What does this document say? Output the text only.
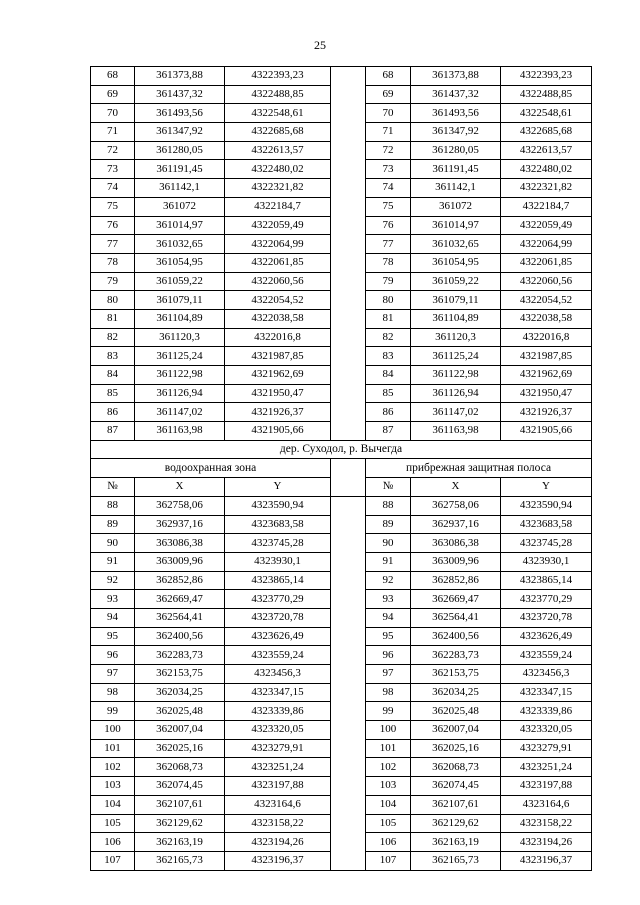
25
68	361373,88	4322393,23		68	361373,88	4322393,23
69	361437,32	4322488,85		69	361437,32	4322488,85
70	361493,56	4322548,61		70	361493,56	4322548,61
71	361347,92	4322685,68		71	361347,92	4322685,68
72	361280,05	4322613,57		72	361280,05	4322613,57
73	361191,45	4322480,02		73	361191,45	4322480,02
74	361142,1	4322321,82		74	361142,1	4322321,82
75	361072	4322184,7		75	361072	4322184,7
76	361014,97	4322059,49		76	361014,97	4322059,49
77	361032,65	4322064,99		77	361032,65	4322064,99
78	361054,95	4322061,85		78	361054,95	4322061,85
79	361059,22	4322060,56		79	361059,22	4322060,56
80	361079,11	4322054,52		80	361079,11	4322054,52
81	361104,89	4322038,58		81	361104,89	4322038,58
82	361120,3	4322016,8		82	361120,3	4322016,8
83	361125,24	4321987,85		83	361125,24	4321987,85
84	361122,98	4321962,69		84	361122,98	4321962,69
85	361126,94	4321950,47		85	361126,94	4321950,47
86	361147,02	4321926,37		86	361147,02	4321926,37
87	361163,98	4321905,66		87	361163,98	4321905,66
дер. Суходол, р. Вычегда						
водоохранная зона				прибрежная защитная полоса		
№	X	Y		№	X	Y
88	362758,06	4323590,94		88	362758,06	4323590,94
89	362937,16	4323683,58		89	362937,16	4323683,58
90	363086,38	4323745,28		90	363086,38	4323745,28
91	363009,96	4323930,1		91	363009,96	4323930,1
92	362852,86	4323865,14		92	362852,86	4323865,14
93	362669,47	4323770,29		93	362669,47	4323770,29
94	362564,41	4323720,78		94	362564,41	4323720,78
95	362400,56	4323626,49		95	362400,56	4323626,49
96	362283,73	4323559,24		96	362283,73	4323559,24
97	362153,75	4323456,3		97	362153,75	4323456,3
98	362034,25	4323347,15		98	362034,25	4323347,15
99	362025,48	4323339,86		99	362025,48	4323339,86
100	362007,04	4323320,05		100	362007,04	4323320,05
101	362025,16	4323279,91		101	362025,16	4323279,91
102	362068,73	4323251,24		102	362068,73	4323251,24
103	362074,45	4323197,88		103	362074,45	4323197,88
104	362107,61	4323164,6		104	362107,61	4323164,6
105	362129,62	4323158,22		105	362129,62	4323158,22
106	362163,19	4323194,26		106	362163,19	4323194,26
107	362165,73	4323196,37		107	362165,73	4323196,37
